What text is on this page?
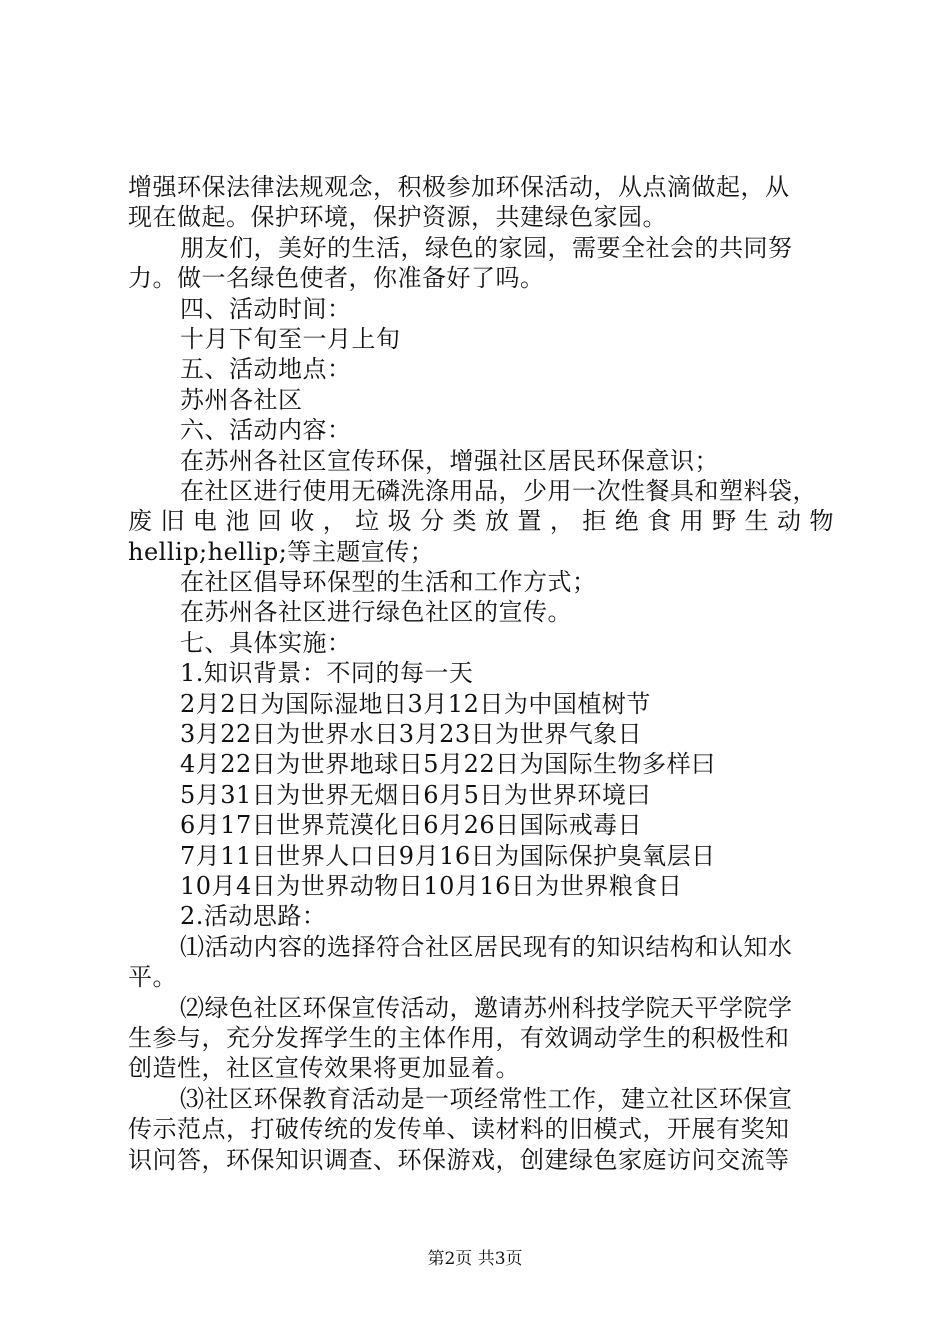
增强环保法律法规观念，积极参加环保活动，从点滴做起，从

现在做起。保护环境，保护资源，共建绿色家园。

朋友们，美好的生活，绿色的家园，需要全社会的共同努

力。做一名绿色使者，你准备好了吗。

四、活动时间：

十月下旬至一月上旬

五、活动地点：

苏州各社区

六、活动内容：

在苏州各社区宣传环保，增强社区居民环保意识；

在社区进行使用无磷洗涤用品，少用一次性餐具和塑料袋，

废旧电池回收，垃圾分类放置，拒绝食用野生动物

hellip;hellip;等主题宣传；

在社区倡导环保型的生活和工作方式；

在苏州各社区进行绿色社区的宣传。

七、具体实施：

1.知识背景：不同的每一天

2月2日为国际湿地日3月12日为中国植树节

3月22日为世界水日3月23日为世界气象日

4月22日为世界地球日5月22日为国际生物多样曰

5月31日为世界无烟日6月5日为世界环境曰

6月17日世界荒漠化日6月26日国际戒毒日

7月11日世界人口日9月16日为国际保护臭氧层日

10月4日为世界动物日10月16日为世界粮食日

2.活动思路：

⑴活动内容的选择符合社区居民现有的知识结构和认知水

平。

⑵绿色社区环保宣传活动，邀请苏州科技学院天平学院学

生参与，充分发挥学生的主体作用，有效调动学生的积极性和

创造性，社区宣传效果将更加显着。

⑶社区环保教育活动是一项经常性工作，建立社区环保宣

传示范点，打破传统的发传单、读材料的旧模式，开展有奖知

识问答，环保知识调查、环保游戏，创建绿色家庭访问交流等

第2页 共3页
